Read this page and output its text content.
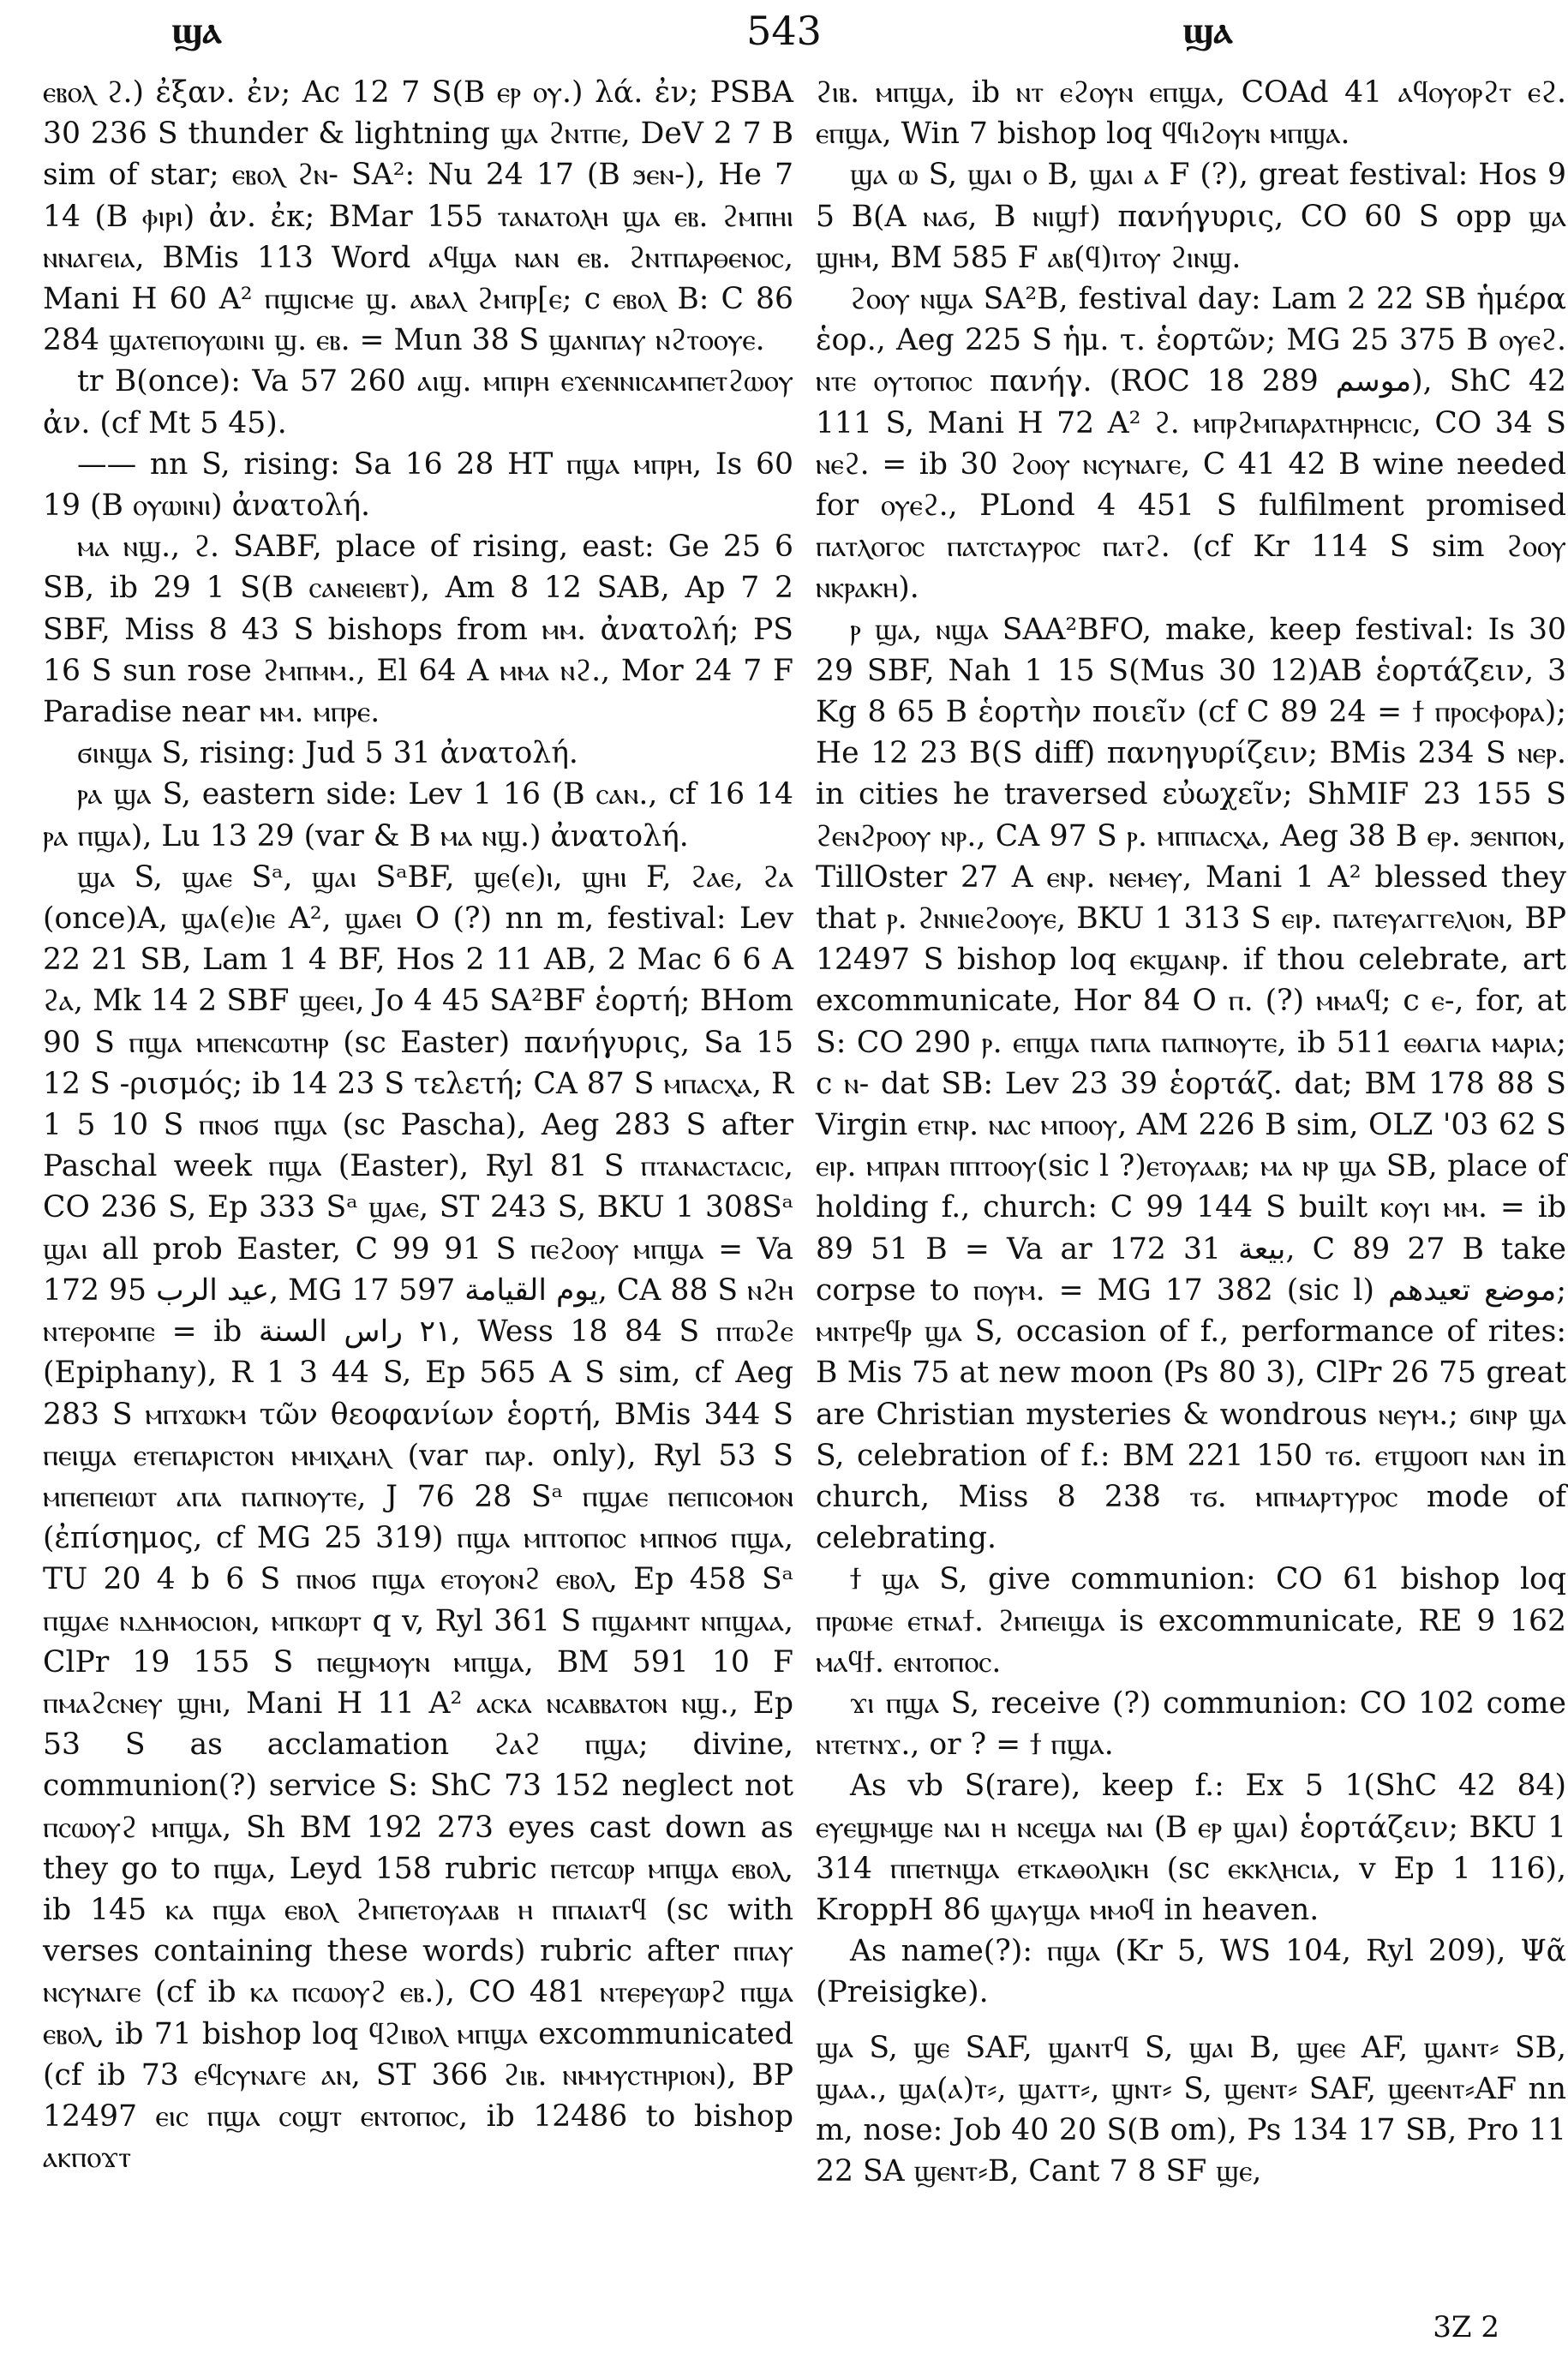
ϣⲁ	543	ϣⲁ

ⲉⲃⲟⲗ ϩ.) ἐξαν. ἐν; Ac 12 7 S(B ⲉⲣ ⲟⲩ.) λά. ἐν; PSBA 30 236 S thunder & lightning ϣⲁ ϩⲛⲧⲡⲉ, DeV 2 7 B sim of star; ⲉⲃⲟⲗ ϩⲛ- SA²: Nu 24 17 (B ϧⲉⲛ-), He 7 14 (B ⲫⲓⲣⲓ) ἀν. ἐκ; BMar 155 ⲧⲁⲛⲁⲧⲟⲗⲏ ϣⲁ ⲉⲃ. ϩⲙⲡⲏⲓ ⲛⲛⲁⲅⲉⲓⲁ, BMis 113 Word ⲁϥϣⲁ ⲛⲁⲛ ⲉⲃ. ϩⲛⲧⲡⲁⲣⲑⲉⲛⲟⲥ, Mani H 60 A² ⲡϣⲓⲥⲙⲉ ϣ. ⲁⲃⲁⲗ ϩⲙⲡⲣ[ⲉ; c ⲉⲃⲟⲗ B: C 86 284 ϣⲁⲧⲉⲡⲟⲩⲱⲓⲛⲓ ϣ. ⲉⲃ. = Mun 38 S ϣⲁⲛⲡⲁⲩ ⲛϩⲧⲟⲟⲩⲉ.

tr B(once): Va 57 260 ⲁⲓϣ. ⲙⲡⲓⲣⲏ ⲉϫⲉⲛⲛⲓⲥⲁⲙⲡⲉⲧϩⲱⲟⲩ ἀν. (cf Mt 5 45).

—— nn S, rising: Sa 16 28 HT ⲡϣⲁ ⲙⲡⲣⲏ, Is 60 19 (B ⲟⲩⲱⲓⲛⲓ) ἀνατολή.

ⲙⲁ ⲛϣ., ϩ. SABF, place of rising, east: Ge 25 6 SB, ib 29 1 S(B ⲥⲁⲛⲉⲓⲉⲃⲧ), Am 8 12 SAB, Ap 7 2 SBF, Miss 8 43 S bishops from ⲙⲙ. ἀνατολή; PS 16 S sun rose ϩⲙⲡⲙⲙ., El 64 A ⲙⲙⲁ ⲛϩ., Mor 24 7 F Paradise near ⲙⲙ. ⲙⲡⲣⲉ.

ϭⲓⲛϣⲁ S, rising: Jud 5 31 ἀνατολή.

ⲣⲁ ϣⲁ S, eastern side: Lev 1 16 (B ⲥⲁⲛ., cf 16 14 ⲣⲁ ⲡϣⲁ), Lu 13 29 (var & B ⲙⲁ ⲛϣ.) ἀνατολή.

ϣⲁ S, ϣⲁⲉ Sᵃ, ϣⲁⲓ SᵃBF, ϣⲉ(ⲉ)ⲓ, ϣⲏⲓ F, ϩⲁⲉ, ϩⲁ (once)A, ϣⲁ(ⲉ)ⲓⲉ A², ϣⲁⲉⲓ O (?) nn m, festival: Lev 22 21 SB, Lam 1 4 BF, Hos 2 11 AB, 2 Mac 6 6 A ϩⲁ, Mk 14 2 SBF ϣⲉⲉⲓ, Jo 4 45 SA²BF ἑορτή; BHom 90 S ⲡϣⲁ ⲙⲡⲉⲛⲥⲱⲧⲏⲣ (sc Easter) πανήγυρις, Sa 15 12 S -ρισμός; ib 14 23 S τελετή; CA 87 S ⲙⲡⲁⲥⲭⲁ, R 1 5 10 S ⲡⲛⲟϭ ⲡϣⲁ (sc Pascha), Aeg 283 S after Paschal week ⲡϣⲁ (Easter), Ryl 81 S ⲡⲧⲁⲛⲁⲥⲧⲁⲥⲓⲥ, CO 236 S, Ep 333 Sᵃ ϣⲁⲉ, ST 243 S, BKU 1 308Sᵃ ϣⲁⲓ all prob Easter, C 99 91 S ⲡⲉϩⲟⲟⲩ ⲙⲡϣⲁ = Va 172 95 عيد الرب, MG 17 597 يوم القيامة, CA 88 S ⲛϩⲏ ⲛⲧⲉⲣⲟⲙⲡⲉ = ib ٢١ راس السنة, Wess 18 84 S ⲡⲧⲱϩⲉ (Epiphany), R 1 3 44 S, Ep 565 A S sim, cf Aeg 283 S ⲙⲡϫⲱⲕⲙ τῶν θεοφανίων ἑορτή, BMis 344 S ⲡⲉⲓϣⲁ ⲉⲧⲉⲡⲁⲣⲓⲥⲧⲟⲛ ⲙⲙⲓⲭⲁⲏⲗ (var ⲡⲁⲣ. only), Ryl 53 S ⲙⲡⲉⲡⲉⲓⲱⲧ ⲁⲡⲁ ⲡⲁⲡⲛⲟⲩⲧⲉ, J 76 28 Sᵃ ⲡϣⲁⲉ ⲡⲉⲡⲓⲥⲟⲙⲟⲛ (ἐπίσημος, cf MG 25 319) ⲡϣⲁ ⲙⲡⲧⲟⲡⲟⲥ ⲙⲡⲛⲟϭ ⲡϣⲁ, TU 20 4 b 6 S ⲡⲛⲟϭ ⲡϣⲁ ⲉⲧⲟⲩⲟⲛϩ ⲉⲃⲟⲗ, Ep 458 Sᵃ ⲡϣⲁⲉ ⲛⲇⲏⲙⲟⲥⲓⲟⲛ, ⲙⲡⲕⲱⲣⲧ q v, Ryl 361 S ⲡϣⲁⲙⲛⲧ ⲛⲡϣⲁⲁ, ClPr 19 155 S ⲡⲉϣⲙⲟⲩⲛ ⲙⲡϣⲁ, BM 591 10 F ⲡⲙⲁϩⲥⲛⲉⲩ ϣⲏⲓ, Mani H 11 A² ⲁⲥⲕⲁ ⲛⲥⲁⲃⲃⲁⲧⲟⲛ ⲛϣ., Ep 53 S as acclamation ϩⲁϩ ⲡϣⲁ; divine, communion(?) service S: ShC 73 152 neglect not ⲡⲥⲱⲟⲩϩ ⲙⲡϣⲁ, Sh BM 192 273 eyes cast down as they go to ⲡϣⲁ, Leyd 158 rubric ⲡⲉⲧⲥⲱⲣ ⲙⲡϣⲁ ⲉⲃⲟⲗ, ib 145 ⲕⲁ ⲡϣⲁ ⲉⲃⲟⲗ ϩⲙⲡⲉⲧⲟⲩⲁⲁⲃ ⲏ ⲡⲡⲁⲓⲁⲧϥ (sc with verses containing these words) rubric after ⲡⲡⲁⲩ ⲛⲥⲩⲛⲁⲅⲉ (cf ib ⲕⲁ ⲡⲥⲱⲟⲩϩ ⲉⲃ.), CO 481 ⲛⲧⲉⲣⲉⲩⲱⲣϩ ⲡϣⲁ ⲉⲃⲟⲗ, ib 71 bishop loq ϥϩⲓⲃⲟⲗ ⲙⲡϣⲁ excommunicated (cf ib 73 ⲉϥⲥⲩⲛⲁⲅⲉ ⲁⲛ, ST 366 ϩⲓⲃ. ⲛⲙⲙⲩⲥⲧⲏⲣⲓⲟⲛ), BP 12497 ⲉⲓⲥ ⲡϣⲁ ⲥⲟϣⲧ ⲉⲛⲧⲟⲡⲟⲥ, ib 12486 to bishop ⲁⲕⲡⲟϫⲧ

ϩⲓⲃ. ⲙⲡϣⲁ, ib ⲛⲧ ⲉϩⲟⲩⲛ ⲉⲡϣⲁ, COAd 41 ⲁϥⲟⲩⲟⲣϩⲧ ⲉϩ. ⲉⲡϣⲁ, Win 7 bishop loq ϥϥⲓϩⲟⲩⲛ ⲙⲡϣⲁ.

ϣⲁ ⲱ S, ϣⲁⲓ ⲟ B, ϣⲁⲓ ⲁ F (?), great festival: Hos 9 5 B(A ⲛⲁϭ, B ⲛⲓϣϯ) πανήγυρις, CO 60 S opp ϣⲁ ϣⲏⲙ, BM 585 F ⲁⲃ(ϥ)ⲓⲧⲟⲩ ϩⲓⲛϣ.

ϩⲟⲟⲩ ⲛϣⲁ SA²B, festival day: Lam 2 22 SB ἡμέρα ἑορ., Aeg 225 S ἡμ. τ. ἑορτῶν; MG 25 375 B ⲟⲩⲉϩ. ⲛⲧⲉ ⲟⲩⲧⲟⲡⲟⲥ πανήγ. (ROC 18 289 موسم), ShC 42 111 S, Mani H 72 A² ϩ. ⲙⲡⲣϩⲙⲡⲁⲣⲁⲧⲏⲣⲏⲥⲓⲥ, CO 34 S ⲛⲉϩ. = ib 30 ϩⲟⲟⲩ ⲛⲥⲩⲛⲁⲅⲉ, C 41 42 B wine needed for ⲟⲩⲉϩ., PLond 4 451 S fulfilment promised ⲡⲁⲧⲗⲟⲅⲟⲥ ⲡⲁⲧⲥⲧⲁⲩⲣⲟⲥ ⲡⲁⲧϩ. (cf Kr 114 S sim ϩⲟⲟⲩ ⲛⲕⲣⲁⲕⲏ).

ⲣ ϣⲁ, ⲛϣⲁ SAA²BFO, make, keep festival: Is 30 29 SBF, Nah 1 15 S(Mus 30 12)AB ἑορτάζειν, 3 Kg 8 65 B ἑορτὴν ποιεῖν (cf C 89 24 = ϯ ⲡⲣⲟⲥⲫⲟⲣⲁ); He 12 23 B(S diff) πανηγυρίζειν; BMis 234 S ⲛⲉⲣ. in cities he traversed εὐωχεῖν; ShMIF 23 155 S ϩⲉⲛϩⲣⲟⲟⲩ ⲛⲣ., CA 97 S ⲣ. ⲙⲡⲡⲁⲥⲭⲁ, Aeg 38 B ⲉⲣ. ϧⲉⲛⲡⲟⲛ, TillOster 27 A ⲉⲛⲣ. ⲛⲉⲙⲉⲩ, Mani 1 A² blessed they that ⲣ. ϩⲛⲛⲓⲉϩⲟⲟⲩⲉ, BKU 1 313 S ⲉⲓⲣ. ⲡⲁⲧⲉⲩⲁⲅⲅⲉⲗⲓⲟⲛ, BP 12497 S bishop loq ⲉⲕϣⲁⲛⲣ. if thou celebrate, art excommunicate, Hor 84 O ⲡ. (?) ⲙⲙⲁϥ; c ⲉ-, for, at S: CO 290 ⲣ. ⲉⲡϣⲁ ⲡⲁⲡⲁ ⲡⲁⲡⲛⲟⲩⲧⲉ, ib 511 ⲉⲑⲁⲅⲓⲁ ⲙⲁⲣⲓⲁ; c ⲛ- dat SB: Lev 23 39 ἑορτάζ. dat; BM 178 88 S Virgin ⲉⲧⲛⲣ. ⲛⲁⲥ ⲙⲡⲟⲟⲩ, AM 226 B sim, OLZ '03 62 S ⲉⲓⲣ. ⲙⲡⲣⲁⲛ ⲡⲡⲧⲟⲟⲩ(sic l ?)ⲉⲧⲟⲩⲁⲁⲃ; ⲙⲁ ⲛⲣ ϣⲁ SB, place of holding f., church: C 99 144 S built ⲕⲟⲩⲓ ⲙⲙ. = ib 89 51 B = Va ar 172 31 بيعة, C 89 27 B take corpse to ⲡⲟⲩⲙ. = MG 17 382 (sic l) موضع تعيدهم; ⲙⲛⲧⲣⲉϥⲣ ϣⲁ S, occasion of f., performance of rites: B Mis 75 at new moon (Ps 80 3), ClPr 26 75 great are Christian mysteries & wondrous ⲛⲉⲩⲙ.; ϭⲓⲛⲣ ϣⲁ S, celebration of f.: BM 221 150 ⲧϭ. ⲉⲧϣⲟⲟⲡ ⲛⲁⲛ in church, Miss 8 238 ⲧϭ. ⲙⲡⲙⲁⲣⲧⲩⲣⲟⲥ mode of celebrating.

ϯ ϣⲁ S, give communion: CO 61 bishop loq ⲡⲣⲱⲙⲉ ⲉⲧⲛⲁϯ. ϩⲙⲡⲉⲓϣⲁ is excommunicate, RE 9 162 ⲙⲁϥϯ. ⲉⲛⲧⲟⲡⲟⲥ.

ϫⲓ ⲡϣⲁ S, receive (?) communion: CO 102 come ⲛⲧⲉⲧⲛϫ., or ? = ϯ ⲡϣⲁ.

As vb S(rare), keep f.: Ex 5 1(ShC 42 84) ⲉⲩⲉϣⲙϣⲉ ⲛⲁⲓ ⲏ ⲛⲥⲉϣⲁ ⲛⲁⲓ (B ⲉⲣ ϣⲁⲓ) ἑορτάζειν; BKU 1 314 ⲡⲡⲉⲧⲛϣⲁ ⲉⲧⲕⲁⲑⲟⲗⲓⲕⲏ (sc ⲉⲕⲕⲗⲏⲥⲓⲁ, v Ep 1 116), KroppH 86 ϣⲁⲩϣⲁ ⲙⲙⲟϥ in heaven.

As name(?): ⲡϣⲁ (Kr 5, WS 104, Ryl 209), Ψᾶ (Preisigke).

ϣⲁ S, ϣⲉ SAF, ϣⲁⲛⲧϥ S, ϣⲁⲓ B, ϣⲉⲉ AF, ϣⲁⲛⲧ⸗ SB, ϣⲁⲁ., ϣⲁ(ⲁ)ⲧ⸗, ϣⲁⲧⲧ⸗, ϣⲛⲧ⸗ S, ϣⲉⲛⲧ⸗ SAF, ϣⲉⲉⲛⲧ⸗AF nn m, nose: Job 40 20 S(B om), Ps 134 17 SB, Pro 11 22 SA ϣⲉⲛⲧ⸗B, Cant 7 8 SF ϣⲉ,

3Z 2
